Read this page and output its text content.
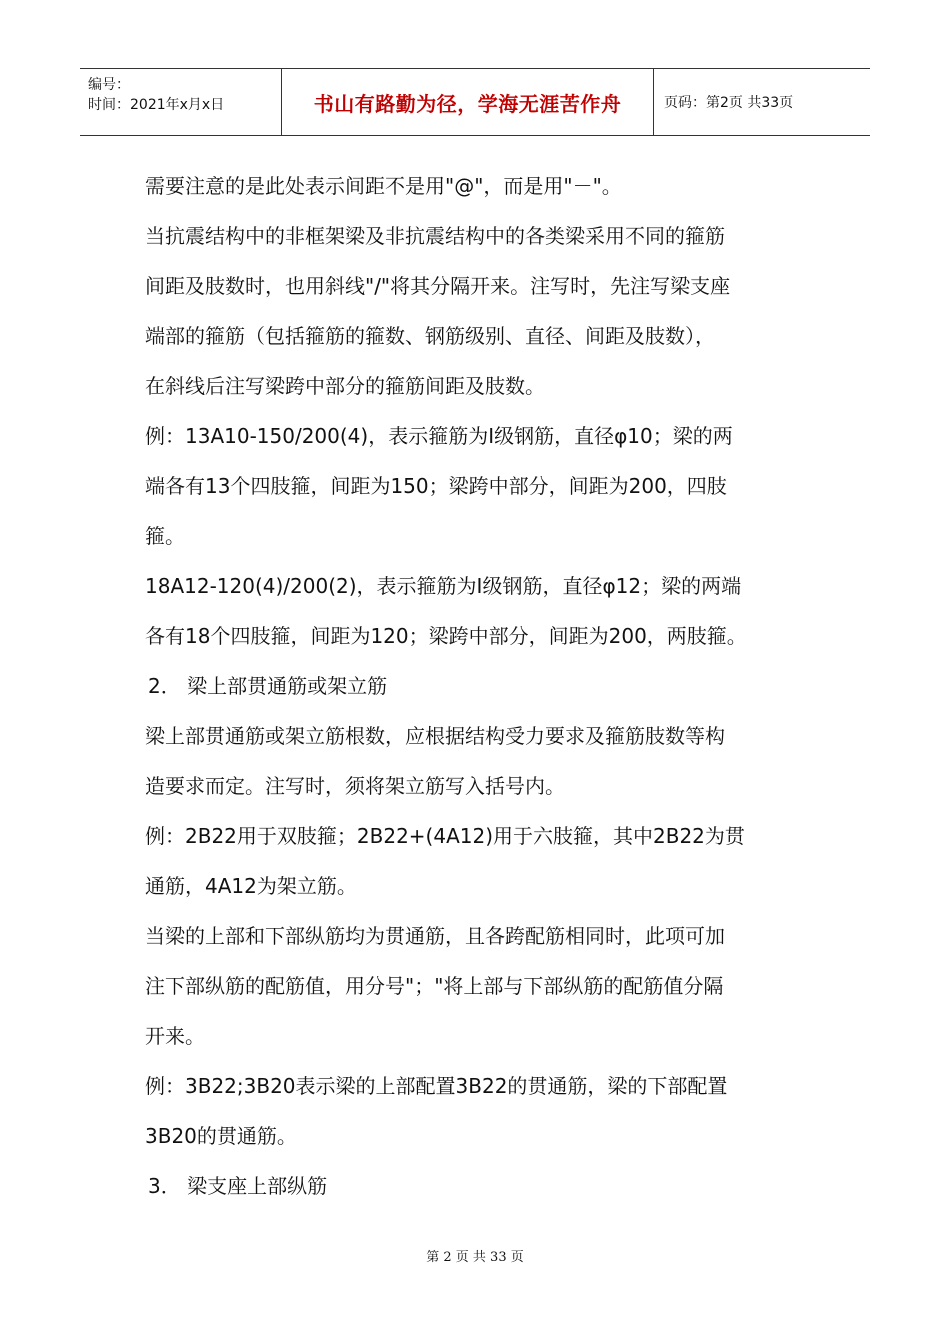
编号：
时间：2021年x月x日	书山有路勤为径，学海无涯苦作舟	页码：第2页 共33页
需要注意的是此处表示间距不是用"@"，而是用"－"。
当抗震结构中的非框架梁及非抗震结构中的各类梁采用不同的箍筋
间距及肢数时，也用斜线"/"将其分隔开来。注写时，先注写梁支座
端部的箍筋（包括箍筋的箍数、钢筋级别、直径、间距及肢数），
在斜线后注写梁跨中部分的箍筋间距及肢数。
例：13A10-150/200(4)，表示箍筋为Ⅰ级钢筋，直径φ10；梁的两
端各有13个四肢箍，间距为150；梁跨中部分，间距为200，四肢
箍。
18A12-120(4)/200(2)，表示箍筋为Ⅰ级钢筋，直径φ12；梁的两端
各有18个四肢箍，间距为120；梁跨中部分，间距为200，两肢箍。
2． 梁上部贯通筋或架立筋
梁上部贯通筋或架立筋根数，应根据结构受力要求及箍筋肢数等构
造要求而定。注写时，须将架立筋写入括号内。
例：2B22用于双肢箍；2B22+(4A12)用于六肢箍，其中2B22为贯
通筋，4A12为架立筋。
当梁的上部和下部纵筋均为贯通筋，且各跨配筋相同时，此项可加
注下部纵筋的配筋值，用分号"；"将上部与下部纵筋的配筋值分隔
开来。
例：3B22;3B20表示梁的上部配置3B22的贯通筋，梁的下部配置
3B20的贯通筋。
3． 梁支座上部纵筋
第 2 页 共 33 页
